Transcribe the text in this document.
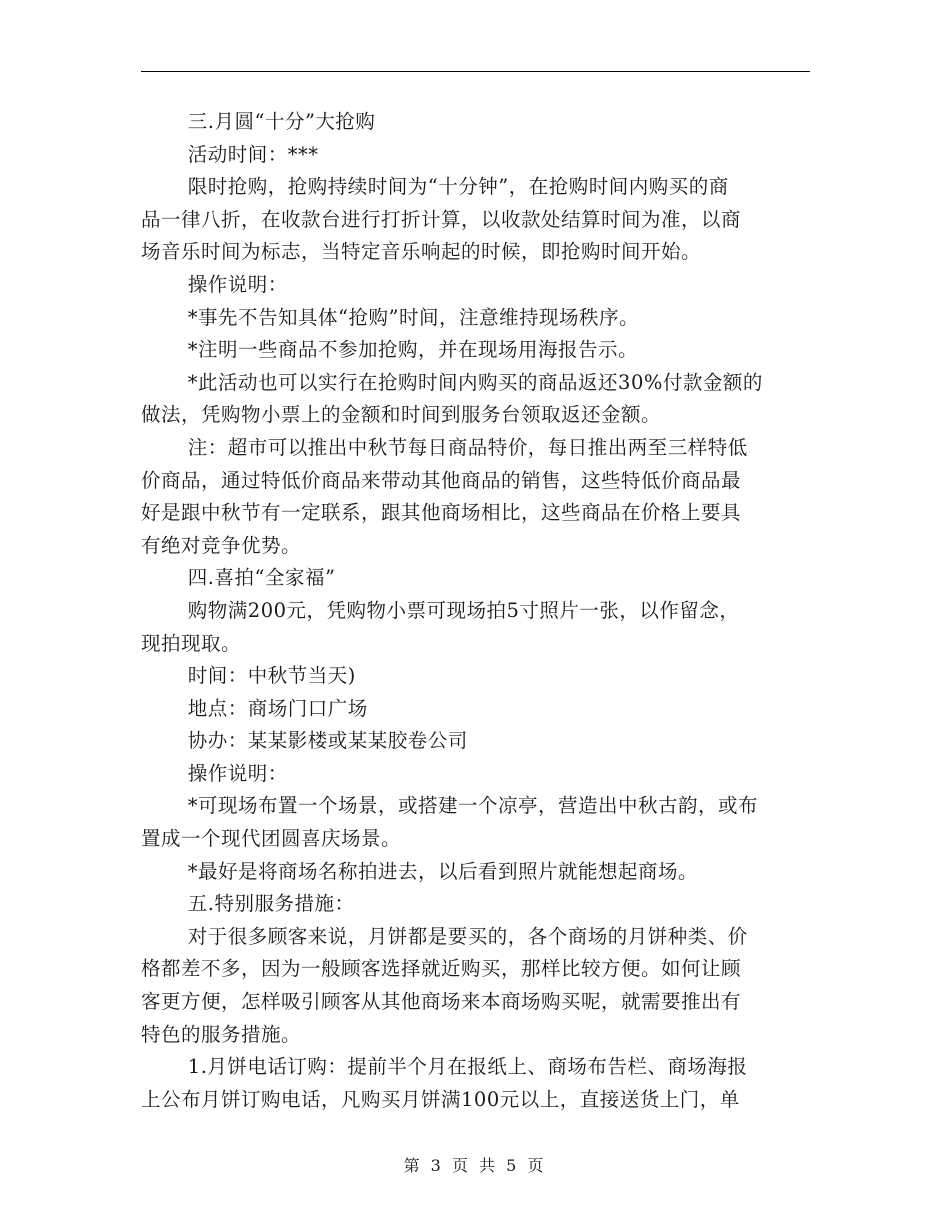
三.月圆“十分”大抢购

活动时间：***

限时抢购，抢购持续时间为“十分钟”，在抢购时间内购买的商
品一律八折，在收款台进行打折计算，以收款处结算时间为准，以商
场音乐时间为标志，当特定音乐响起的时候，即抢购时间开始。

操作说明：

*事先不告知具体“抢购”时间，注意维持现场秩序。

*注明一些商品不参加抢购，并在现场用海报告示。

*此活动也可以实行在抢购时间内购买的商品返还30%付款金额的
做法，凭购物小票上的金额和时间到服务台领取返还金额。

注：超市可以推出中秋节每日商品特价，每日推出两至三样特低
价商品，通过特低价商品来带动其他商品的销售，这些特低价商品最
好是跟中秋节有一定联系，跟其他商场相比，这些商品在价格上要具
有绝对竞争优势。

四.喜拍“全家福”

购物满200元，凭购物小票可现场拍5寸照片一张，以作留念，
现拍现取。

时间：中秋节当天)

地点：商场门口广场

协办：某某影楼或某某胶卷公司

操作说明：

*可现场布置一个场景，或搭建一个凉亭，营造出中秋古韵，或布
置成一个现代团圆喜庆场景。

*最好是将商场名称拍进去，以后看到照片就能想起商场。

五.特别服务措施：

对于很多顾客来说，月饼都是要买的，各个商场的月饼种类、价
格都差不多，因为一般顾客选择就近购买，那样比较方便。如何让顾
客更方便，怎样吸引顾客从其他商场来本商场购买呢，就需要推出有
特色的服务措施。

1.月饼电话订购：提前半个月在报纸上、商场布告栏、商场海报
上公布月饼订购电话，凡购买月饼满100元以上，直接送货上门，单

第 3 页 共 5 页
